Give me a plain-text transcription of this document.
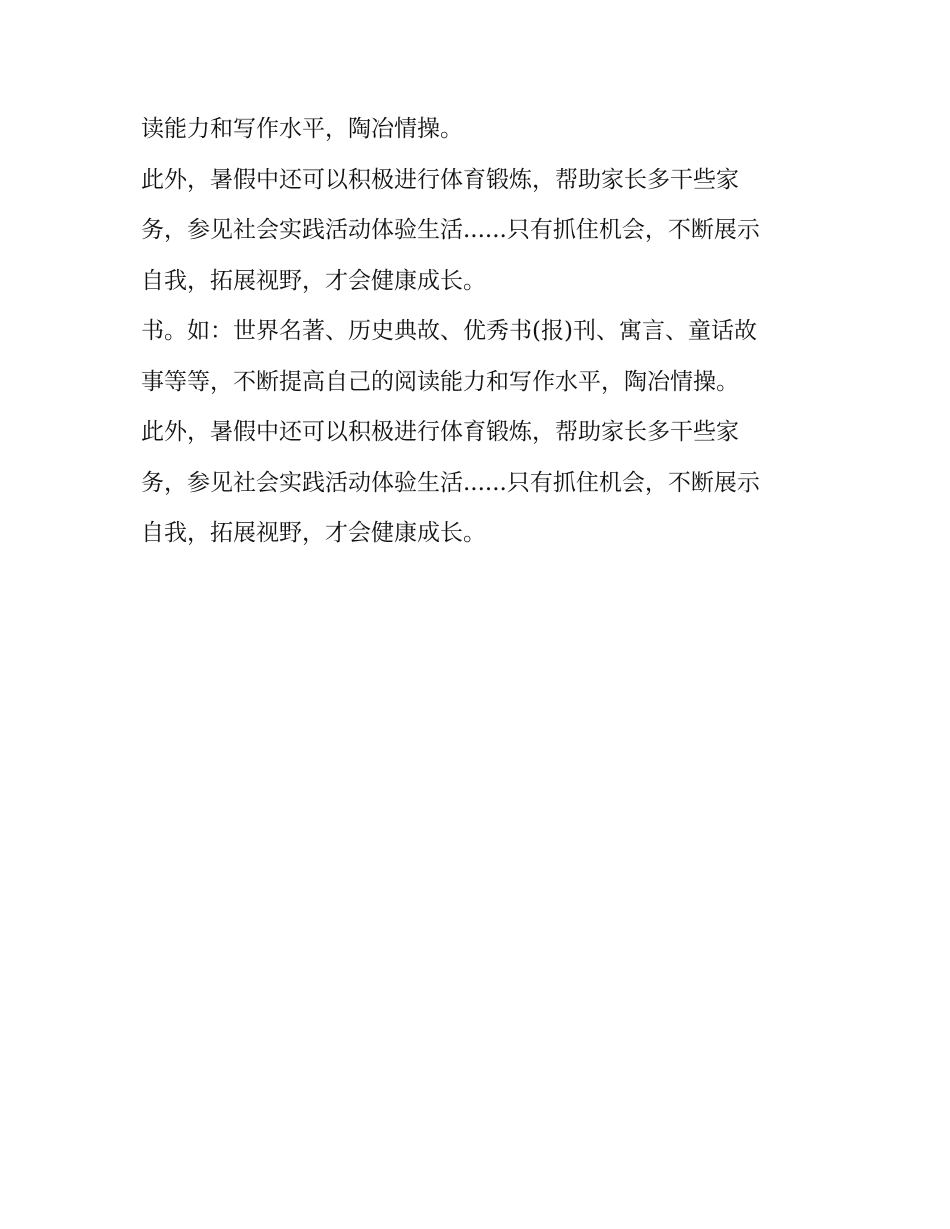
读能力和写作水平，陶冶情操。

此外，暑假中还可以积极进行体育锻炼，帮助家长多干些家

务，参见社会实践活动体验生活......只有抓住机会，不断展示

自我，拓展视野，才会健康成长。

书。如：世界名著、历史典故、优秀书(报)刊、寓言、童话故

事等等，不断提高自己的阅读能力和写作水平，陶冶情操。

此外，暑假中还可以积极进行体育锻炼，帮助家长多干些家

务，参见社会实践活动体验生活......只有抓住机会，不断展示

自我，拓展视野，才会健康成长。
